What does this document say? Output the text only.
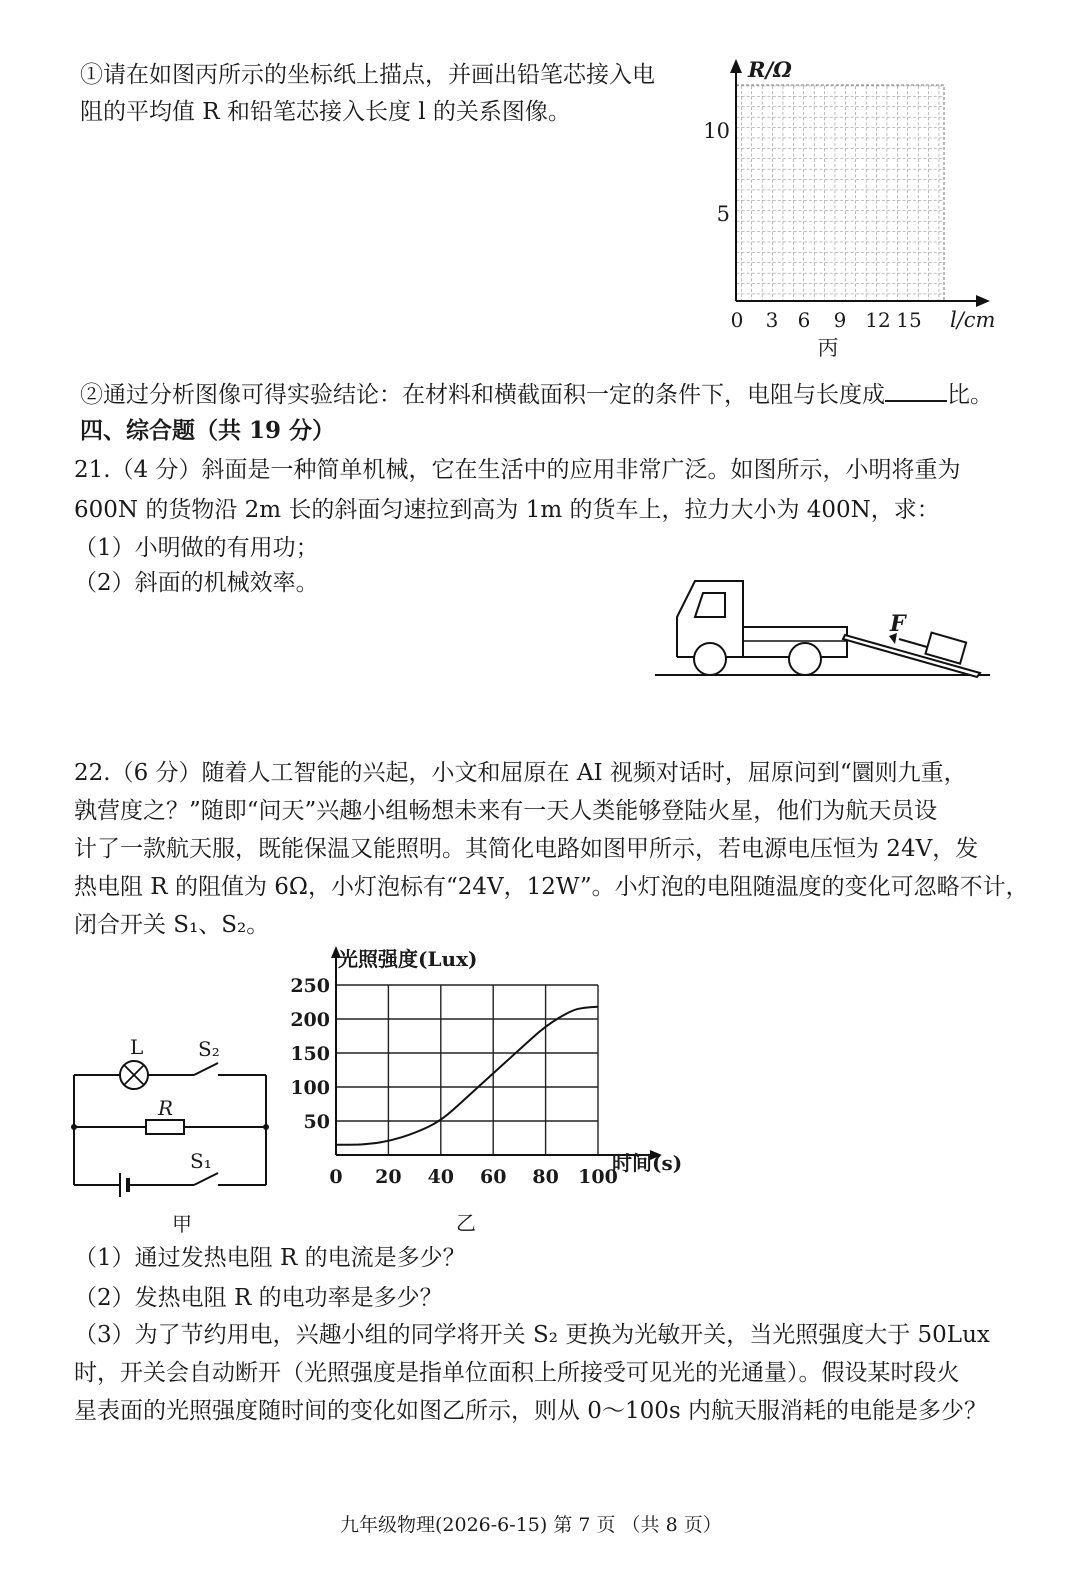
①请在如图丙所示的坐标纸上描点，并画出铅笔芯接入电
阻的平均值 R 和铅笔芯接入长度 l 的关系图像。
R/Ω
10
5
0 3 6 9 12 15 l/cm
丙
②通过分析图像可得实验结论：在材料和横截面积一定的条件下，电阻与长度成	比。
四、综合题（共 19 分）
21.（4 分）斜面是一种简单机械，它在生活中的应用非常广泛。如图所示，小明将重为
600N 的货物沿 2m 长的斜面匀速拉到高为 1m 的货车上，拉力大小为 400N，求：
（1）小明做的有用功；
（2）斜面的机械效率。
F
22.（6 分）随着人工智能的兴起，小文和屈原在 AI 视频对话时，屈原问到“圜则九重，
孰营度之？”随即“问天”兴趣小组畅想未来有一天人类能够登陆火星，他们为航天员设
计了一款航天服，既能保温又能照明。其简化电路如图甲所示，若电源电压恒为 24V，发
热电阻 R 的阻值为 6Ω，小灯泡标有“24V，12W”。小灯泡的电阻随温度的变化可忽略不计，
闭合开关 S₁、S₂。
L	S₂
R
S₁
甲
0 20 40 60 80 100
50
100
150
200
250
光照强度(Lux)
时间(s)
乙
（1）通过发热电阻 R 的电流是多少？
（2）发热电阻 R 的电功率是多少？
（3）为了节约用电，兴趣小组的同学将开关 S₂ 更换为光敏开关，当光照强度大于 50Lux
时，开关会自动断开（光照强度是指单位面积上所接受可见光的光通量）。假设某时段火
星表面的光照强度随时间的变化如图乙所示，则从 0～100s 内航天服消耗的电能是多少？
九年级物理(2026-6-15) 第 7 页 （共 8 页）
